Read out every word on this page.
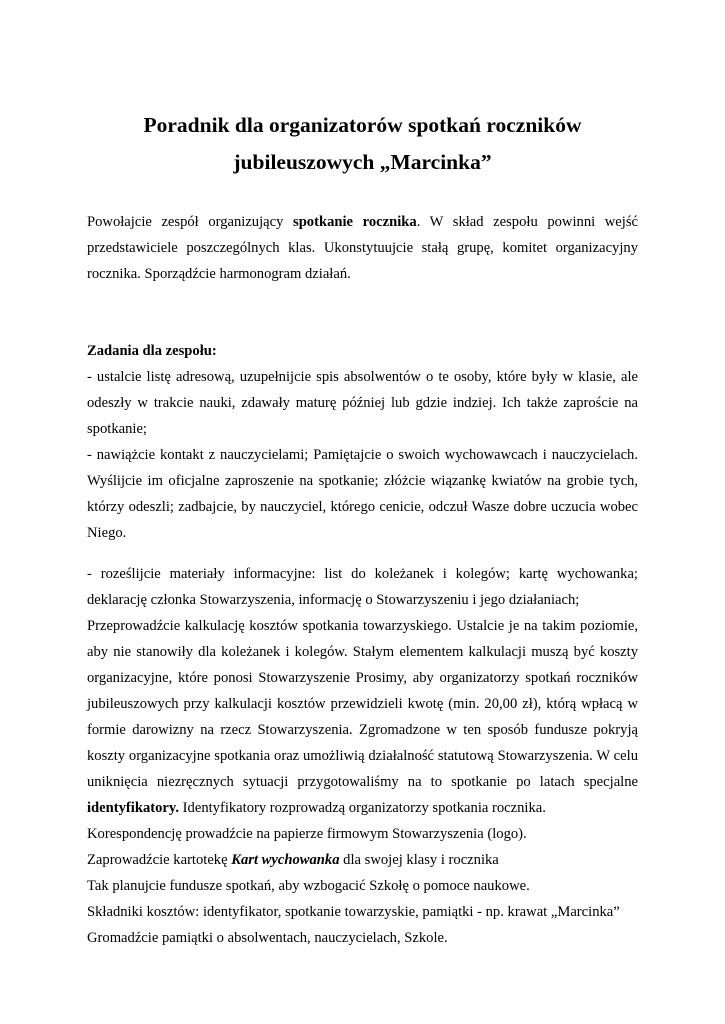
Poradnik dla organizatorów spotkań roczników
jubileuszowych „Marcinka”
Powołajcie zespół organizujący spotkanie rocznika. W skład zespołu powinni wejść
przedstawiciele poszczególnych klas. Ukonstytuujcie stałą grupę, komitet organizacyjny
rocznika. Sporządźcie harmonogram działań.
Zadania dla zespołu:
- ustalcie listę adresową, uzupełnijcie spis absolwentów o te osoby, które były w klasie, ale
odeszły w trakcie nauki, zdawały maturę później lub gdzie indziej. Ich także zaproście na
spotkanie;
- nawiążcie kontakt z nauczycielami; Pamiętajcie o swoich wychowawcach i nauczycielach.
Wyślijcie im oficjalne zaproszenie na spotkanie; złóżcie wiązankę kwiatów na grobie tych,
którzy odeszli; zadbajcie, by nauczyciel, którego cenicie, odczuł Wasze dobre uczucia wobec
Niego.
- roześlijcie materiały informacyjne: list do koleżanek i kolegów; kartę wychowanka;
deklarację członka Stowarzyszenia, informację o Stowarzyszeniu i jego działaniach;
Przeprowadźcie kalkulację kosztów spotkania towarzyskiego. Ustalcie je na takim poziomie,
aby nie stanowiły dla koleżanek i kolegów. Stałym elementem kalkulacji muszą być koszty
organizacyjne, które ponosi Stowarzyszenie Prosimy, aby organizatorzy spotkań roczników
jubileuszowych przy kalkulacji kosztów przewidzieli kwotę (min. 20,00 zł), którą wpłacą w
formie darowizny na rzecz Stowarzyszenia. Zgromadzone w ten sposób fundusze pokryją
koszty organizacyjne spotkania oraz umożliwią działalność statutową Stowarzyszenia. W celu
uniknięcia niezręcznych sytuacji przygotowaliśmy na to spotkanie po latach specjalne
identyfikatory. Identyfikatory rozprowadzą organizatorzy spotkania rocznika.
Korespondencję prowadźcie na papierze firmowym Stowarzyszenia (logo).
Zaprowadźcie kartotekę Kart wychowanka dla swojej klasy i rocznika
Tak planujcie fundusze spotkań, aby wzbogacić Szkołę o pomoce naukowe.
Składniki kosztów: identyfikator, spotkanie towarzyskie, pamiątki - np. krawat „Marcinka”
Gromadźcie pamiątki o absolwentach, nauczycielach, Szkole.
